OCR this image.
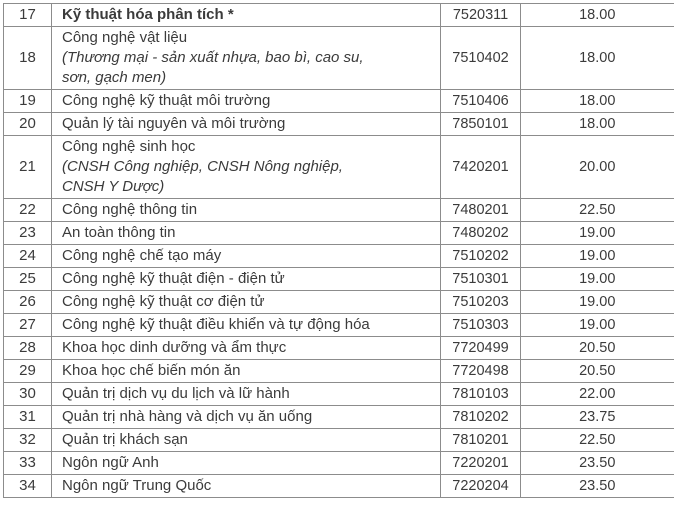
17	Kỹ thuật hóa phân tích *	7520311	18.00
18	Công nghệ vật liệu
(Thương mại - sản xuất nhựa, bao bì, cao su,
sơn, gạch men)	7510402	18.00
19	Công nghệ kỹ thuật môi trường	7510406	18.00
20	Quản lý tài nguyên và môi trường	7850101	18.00
21	Công nghệ sinh học
(CNSH Công nghiệp, CNSH Nông nghiệp,
CNSH Y Dược)	7420201	20.00
22	Công nghệ thông tin	7480201	22.50
23	An toàn thông tin	7480202	19.00
24	Công nghệ chế tạo máy	7510202	19.00
25	Công nghệ kỹ thuật điện - điện tử	7510301	19.00
26	Công nghệ kỹ thuật cơ điện tử	7510203	19.00
27	Công nghệ kỹ thuật điều khiển và tự động hóa	7510303	19.00
28	Khoa học dinh dưỡng và ẩm thực	7720499	20.50
29	Khoa học chế biến món ăn	7720498	20.50
30	Quản trị dịch vụ du lịch và lữ hành	7810103	22.00
31	Quản trị nhà hàng và dịch vụ ăn uống	7810202	23.75
32	Quản trị khách sạn	7810201	22.50
33	Ngôn ngữ Anh	7220201	23.50
34	Ngôn ngữ Trung Quốc	7220204	23.50
